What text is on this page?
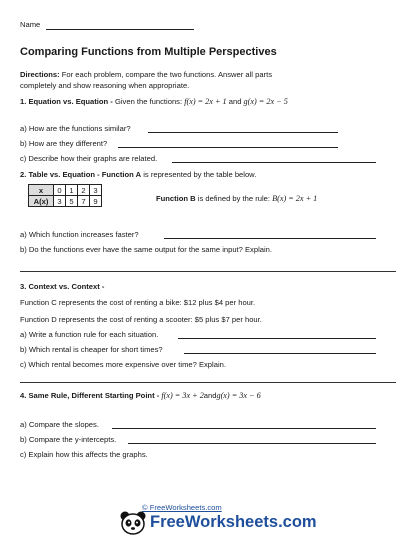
Name
Comparing Functions from Multiple Perspectives
Directions: For each problem, compare the two functions. Answer all parts
completely and show reasoning when appropriate.
1. Equation vs. Equation - Given the functions: f(x) = 2x + 1 and g(x) = 2x − 5
a) How are the functions similar?
b) How are they different?
c) Describe how their graphs are related.
2. Table vs. Equation - Function A is represented by the table below.
x	0	1	2	3
A(x)	3	5	7	9	Function B is defined by the rule: B(x) = 2x + 1
a) Which function increases faster?
b) Do the functions ever have the same output for the same input? Explain.
3. Context vs. Context -
Function C represents the cost of renting a bike: $12 plus $4 per hour.
Function D represents the cost of renting a scooter: $5 plus $7 per hour.
a) Write a function rule for each situation.
b) Which rental is cheaper for short times?
c) Which rental becomes more expensive over time? Explain.
4. Same Rule, Different Starting Point - f(x) = 3x + 2andg(x) = 3x − 6
a) Compare the slopes.
b) Compare the y-intercepts.
c) Explain how this affects the graphs.
© FreeWorksheets.com
FreeWorksheets.com
